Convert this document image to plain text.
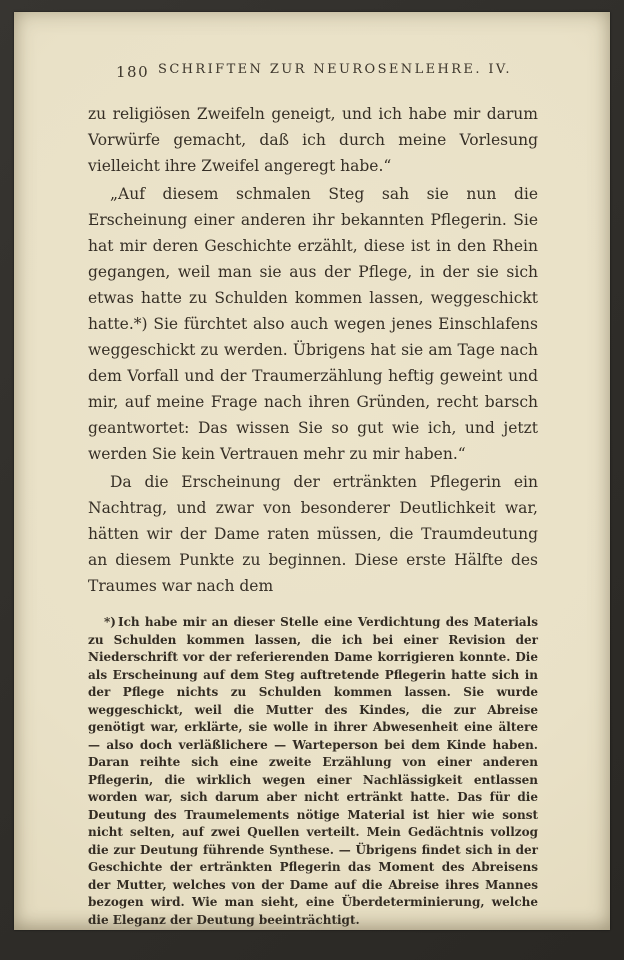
180 SCHRIFTEN ZUR NEUROSENLEHRE. IV.

zu religiösen Zweifeln geneigt, und ich habe mir darum Vorwürfe gemacht, daß ich durch meine Vorlesung vielleicht ihre Zweifel angeregt habe.“

„Auf diesem schmalen Steg sah sie nun die Erscheinung einer anderen ihr bekannten Pflegerin. Sie hat mir deren Geschichte erzählt, diese ist in den Rhein gegangen, weil man sie aus der Pflege, in der sie sich etwas hatte zu Schulden kommen lassen, weggeschickt hatte.*) Sie fürchtet also auch wegen jenes Einschlafens weggeschickt zu werden. Übrigens hat sie am Tage nach dem Vorfall und der Traumerzählung heftig geweint und mir, auf meine Frage nach ihren Gründen, recht barsch geantwortet: Das wissen Sie so gut wie ich, und jetzt werden Sie kein Vertrauen mehr zu mir haben.“

Da die Erscheinung der ertränkten Pflegerin ein Nachtrag, und zwar von besonderer Deutlichkeit war, hätten wir der Dame raten müssen, die Traumdeutung an diesem Punkte zu beginnen. Diese erste Hälfte des Traumes war nach dem

*) Ich habe mir an dieser Stelle eine Verdichtung des Materials zu Schulden kommen lassen, die ich bei einer Revision der Niederschrift vor der referierenden Dame korrigieren konnte. Die als Erscheinung auf dem Steg auftretende Pflegerin hatte sich in der Pflege nichts zu Schulden kommen lassen. Sie wurde weggeschickt, weil die Mutter des Kindes, die zur Abreise genötigt war, erklärte, sie wolle in ihrer Abwesenheit eine ältere — also doch verläßlichere — Warteperson bei dem Kinde haben. Daran reihte sich eine zweite Erzählung von einer anderen Pflegerin, die wirklich wegen einer Nachlässigkeit entlassen worden war, sich darum aber nicht ertränkt hatte. Das für die Deutung des Traumelements nötige Material ist hier wie sonst nicht selten, auf zwei Quellen verteilt. Mein Gedächtnis vollzog die zur Deutung führende Synthese. — Übrigens findet sich in der Geschichte der ertränkten Pflegerin das Moment des Abreisens der Mutter, welches von der Dame auf die Abreise ihres Mannes bezogen wird. Wie man sieht, eine Überdeterminierung, welche die Eleganz der Deutung beeinträchtigt.
